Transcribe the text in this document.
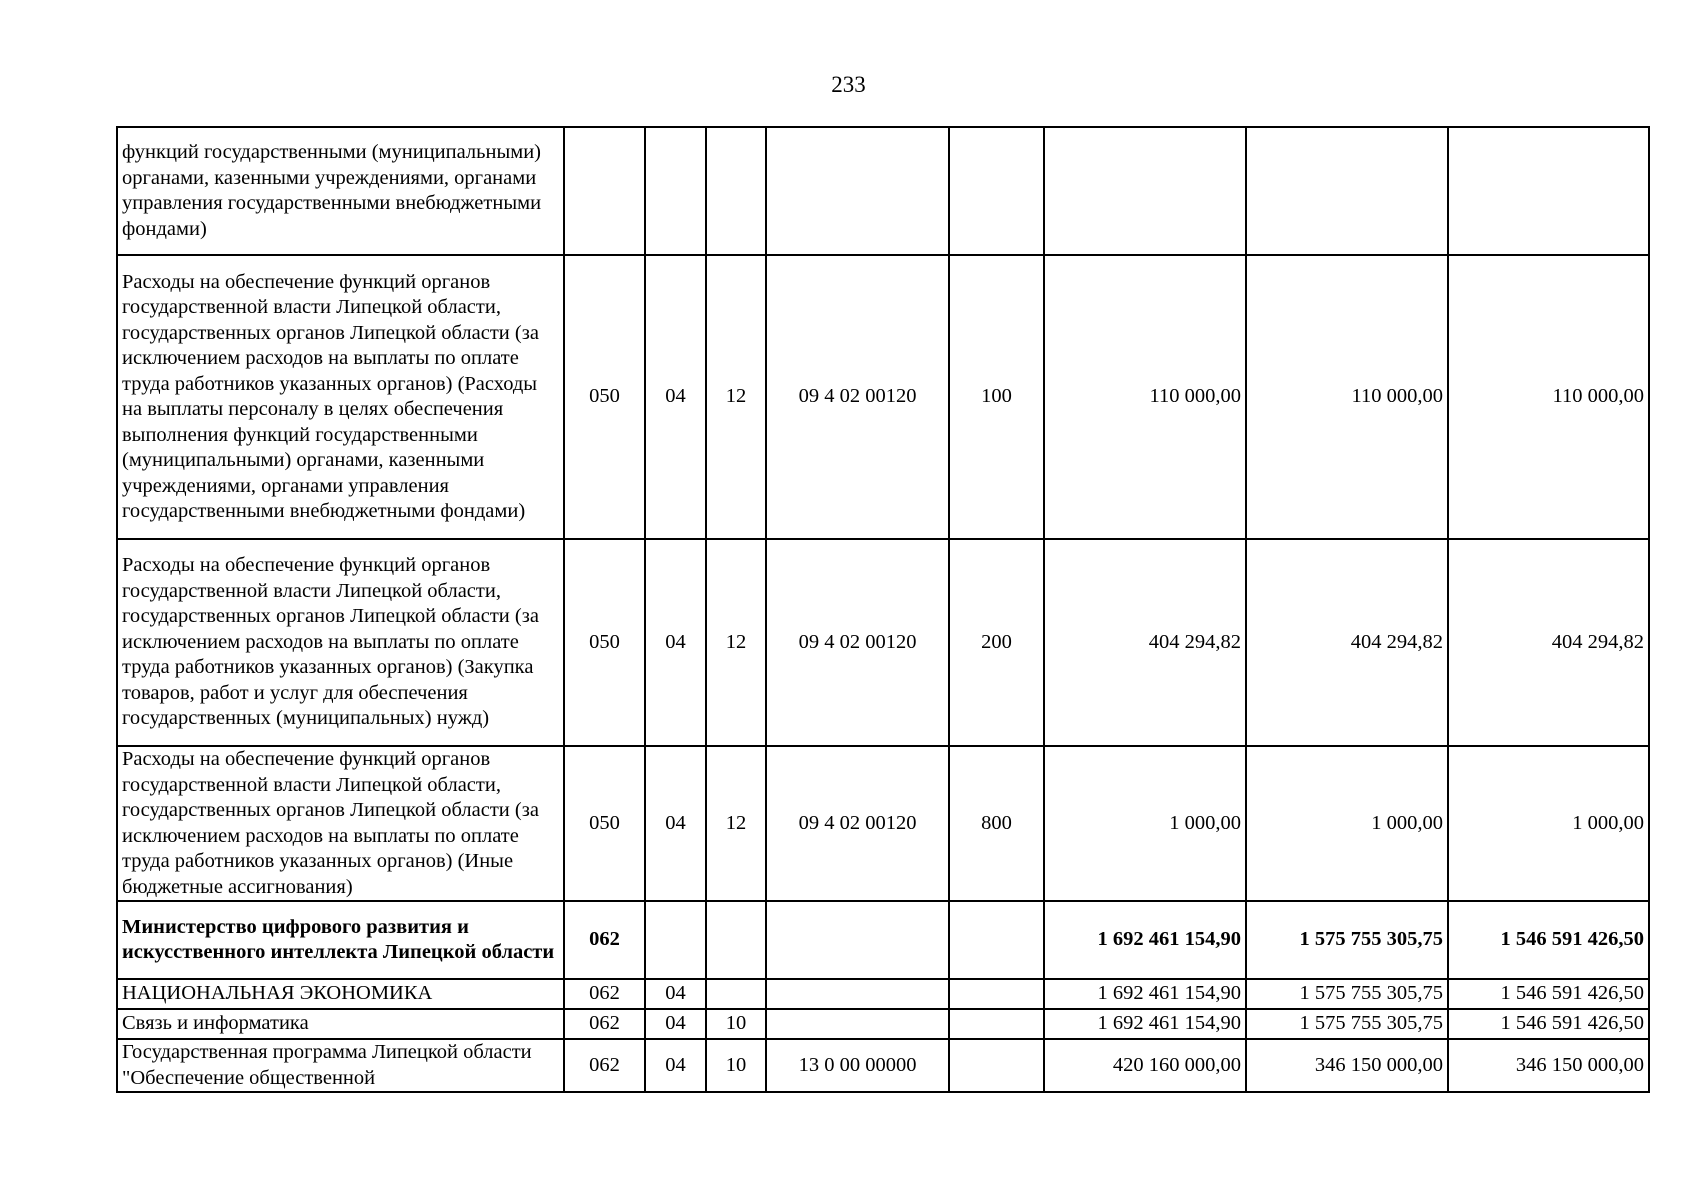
233
функций государственными (муниципальными) органами, казенными учреждениями, органами управления государственными внебюджетными фондами)								
Расходы на обеспечение функций органов государственной власти Липецкой области, государственных органов Липецкой области (за исключением расходов на выплаты по оплате труда работников указанных органов) (Расходы на выплаты персоналу в целях обеспечения выполнения функций государственными (муниципальными) органами, казенными учреждениями, органами управления государственными внебюджетными фондами)	050	04	12	09 4 02 00120	100	110 000,00	110 000,00	110 000,00
Расходы на обеспечение функций органов государственной власти Липецкой области, государственных органов Липецкой области (за исключением расходов на выплаты по оплате труда работников указанных органов) (Закупка товаров, работ и услуг для обеспечения государственных (муниципальных) нужд)	050	04	12	09 4 02 00120	200	404 294,82	404 294,82	404 294,82
Расходы на обеспечение функций органов государственной власти Липецкой области, государственных органов Липецкой области (за исключением расходов на выплаты по оплате труда работников указанных органов) (Иные бюджетные ассигнования)	050	04	12	09 4 02 00120	800	1 000,00	1 000,00	1 000,00
Министерство цифрового развития и искусственного интеллекта Липецкой области	062					1 692 461 154,90	1 575 755 305,75	1 546 591 426,50
НАЦИОНАЛЬНАЯ ЭКОНОМИКА	062	04				1 692 461 154,90	1 575 755 305,75	1 546 591 426,50
Связь и информатика	062	04	10			1 692 461 154,90	1 575 755 305,75	1 546 591 426,50
Государственная программа Липецкой области "Обеспечение общественной	062	04	10	13 0 00 00000		420 160 000,00	346 150 000,00	346 150 000,00
